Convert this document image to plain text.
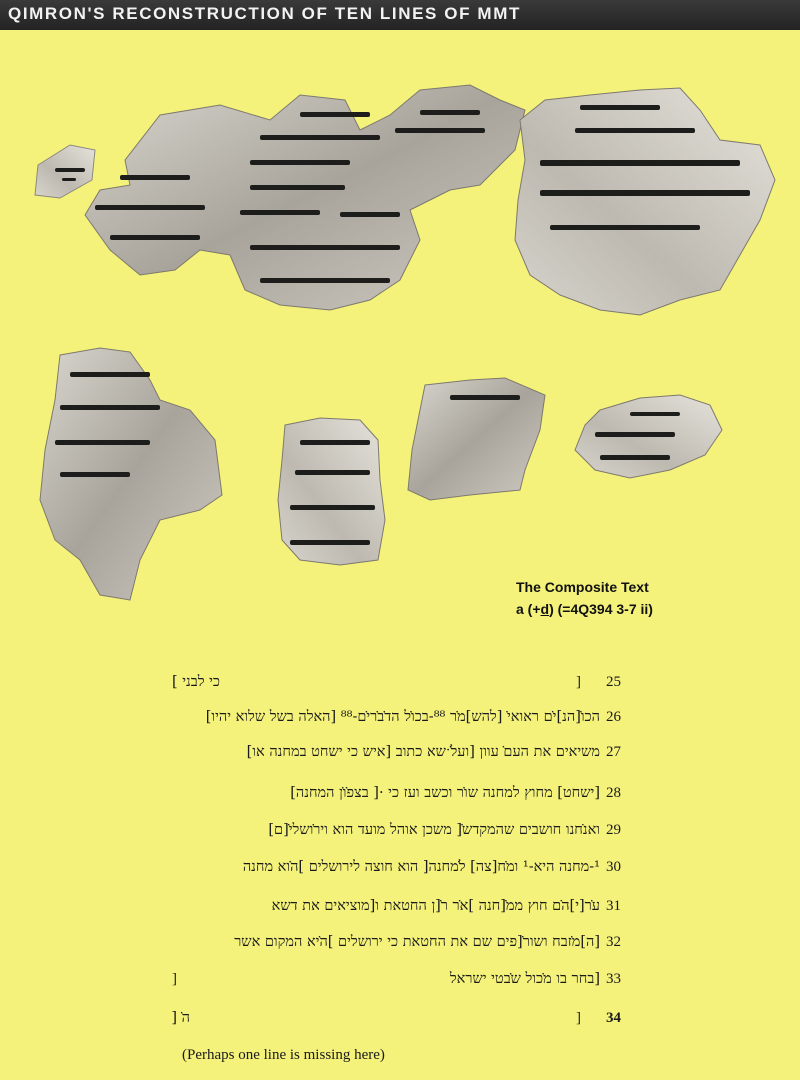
QIMRON'S RECONSTRUCTION OF TEN LINES OF MMT
The Composite Text
a (+d) (=4Q394 3-7 ii)
כי לבני ]	] 25
הכו̇[הנ]י̇ם ראואי̇ [להש]מ̇ר ⁸⁸-בכו̇ל הד̇ב̇רי̇ם-⁸⁸ [האלה בשל שלוא יהיו] 26
משיאים את העם̇ עוון [ועל̇ ̇שא כתוב [איש כי ישחט במחנה או] 27
[ישחט] מחוץ למחנה שו̇ר וכשב ועז כי ·[ בצפ̇ו̇ן המחנה] 28
ואנ̇חנו חושבים שהמקדש̇[ משכן אוהל מועד הוא ויר̇ושלי̇[ם] 29
¹-מחנה היא-¹ ומ̇ח[צה] ל̇מחנה[ הוא חוצה לירושלים ]ה̇וא מחנה 30
ע̇ר[י]ה̇ם חוץ ממ̇[חנה ]א̇ר ר̇[ן החטאת ו[מוציאים את דשא 31
[ה]מ̇זבח ושור̇[פים שם את החטאת כי ירושלים ]ה̇יא המקום אשר 32
]	[בחר בו מ̇כול ש̇בטי ישראל 33
ה̇ [	] 34
(Perhaps one line is missing here)
